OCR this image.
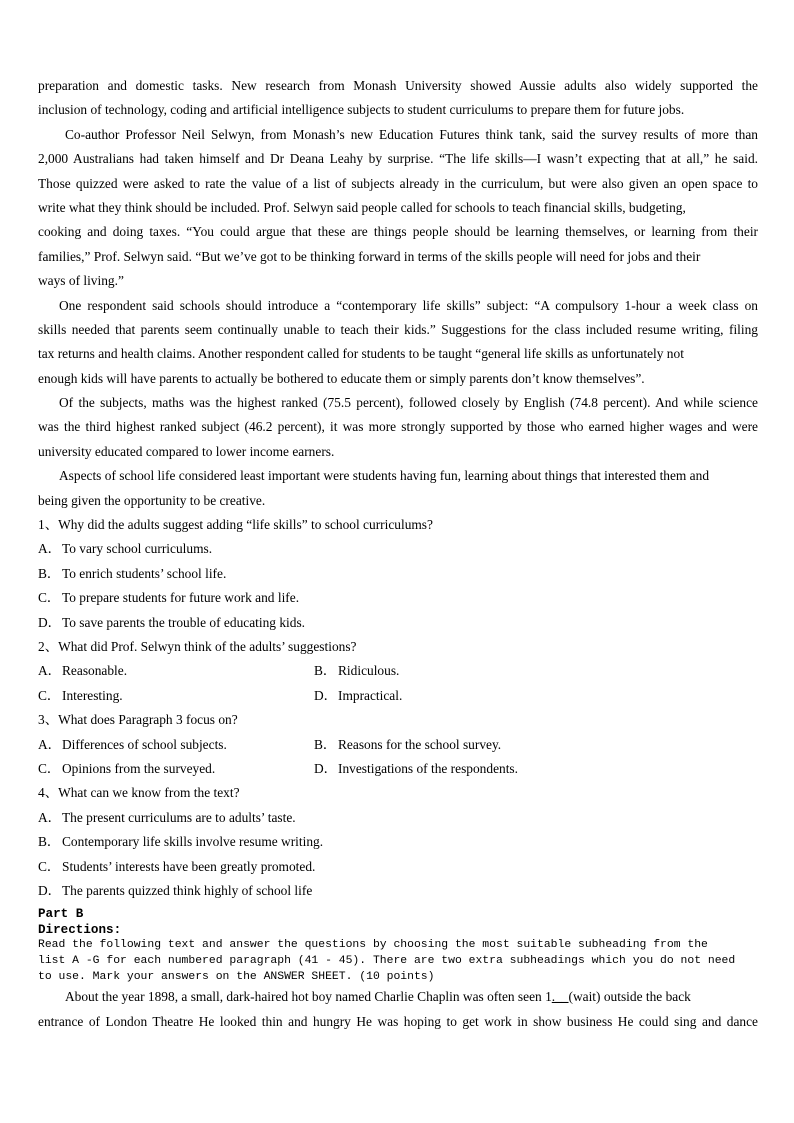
preparation and domestic tasks. New research from Monash University showed Aussie adults also widely supported the
inclusion of technology, coding and artificial intelligence subjects to student curriculums to prepare them for future jobs.
Co-author Professor Neil Selwyn, from Monash’s new Education Futures think tank, said the survey results of more than
2,000 Australians had taken himself and Dr Deana Leahy by surprise. “The life skills—I wasn’t expecting that at all,” he said.
Those quizzed were asked to rate the value of a list of subjects already in the curriculum, but were also given an open space to
write what they think should be included. Prof. Selwyn said people called for schools to teach financial skills, budgeting,
cooking and doing taxes. “You could argue that these are things people should be learning themselves, or learning from their
families,” Prof. Selwyn said. “But we’ve got to be thinking forward in terms of the skills people will need for jobs and their
ways of living.”
One respondent said schools should introduce a “contemporary life skills” subject: “A compulsory 1-hour a week class on
skills needed that parents seem continually unable to teach their kids.” Suggestions for the class included resume writing, filing
tax returns and health claims. Another respondent called for students to be taught “general life skills as unfortunately not
enough kids will have parents to actually be bothered to educate them or simply parents don’t know themselves”.
Of the subjects, maths was the highest ranked (75.5 percent), followed closely by English (74.8 percent). And while science
was the third highest ranked subject (46.2 percent), it was more strongly supported by those who earned higher wages and were
university educated compared to lower income earners.
Aspects of school life considered least important were students having fun, learning about things that interested them and
being given the opportunity to be creative.
1、Why did the adults suggest adding “life skills” to school curriculums?
A．To vary school curriculums.
B． To enrich students’ school life.
C． To prepare students for future work and life.
D．To save parents the trouble of educating kids.
2、What did Prof. Selwyn think of the adults’ suggestions?
A．Reasonable.	B． Ridiculous.
C． Interesting.	D．Impractical.
3、What does Paragraph 3 focus on?
A．Differences of school subjects.	B． Reasons for the school survey.
C． Opinions from the surveyed.	D．Investigations of the respondents.
4、What can we know from the text?
A．The present curriculums are to adults’ taste.
B． Contemporary life skills involve resume writing.
C． Students’ interests have been greatly promoted.
D．The parents quizzed think highly of school life
Part B
Directions:
Read the following text and answer the questions by choosing the most suitable subheading from the
list A -G for each numbered paragraph (41 - 45). There are two extra subheadings which you do not need
to use. Mark your answers on the ANSWER SHEET. (10 points)
About the year 1898, a small, dark-haired hot boy named Charlie Chaplin was often seen 1.__(wait) outside the back
entrance of London Theatre He looked thin and hungry He was hoping to get work in show business He could sing and dance
